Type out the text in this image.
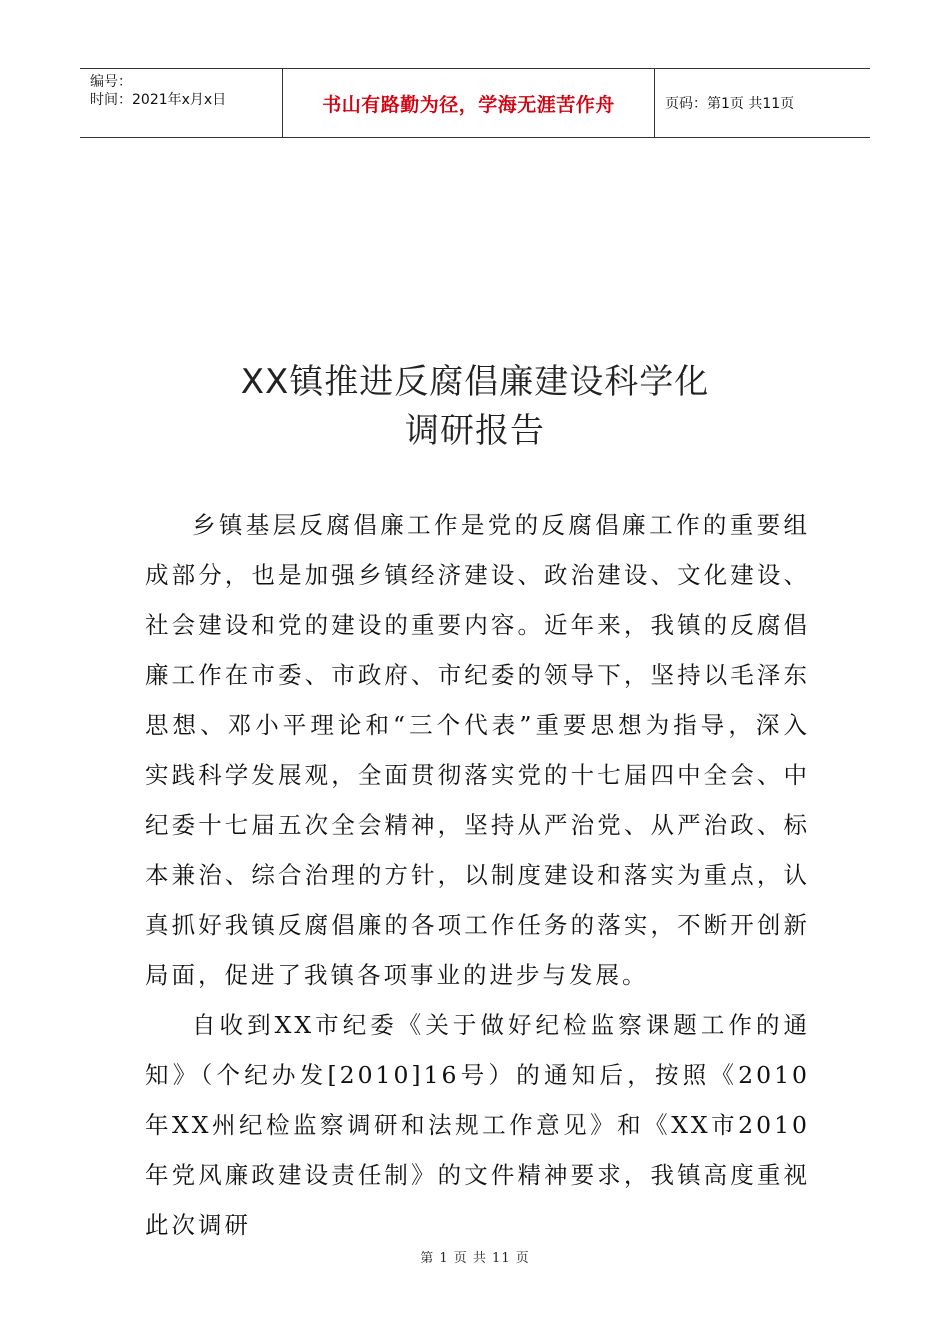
编号：
时间：2021年x月x日	书山有路勤为径，学海无涯苦作舟	页码：第1页 共11页
XX镇推进反腐倡廉建设科学化
调研报告

乡镇基层反腐倡廉工作是党的反腐倡廉工作的重要组成部分，也是加强乡镇经济建设、政治建设、文化建设、社会建设和党的建设的重要内容。近年来，我镇的反腐倡廉工作在市委、市政府、市纪委的领导下，坚持以毛泽东思想、邓小平理论和“三个代表”重要思想为指导，深入实践科学发展观，全面贯彻落实党的十七届四中全会、中纪委十七届五次全会精神，坚持从严治党、从严治政、标本兼治、综合治理的方针，以制度建设和落实为重点，认真抓好我镇反腐倡廉的各项工作任务的落实，不断开创新局面，促进了我镇各项事业的进步与发展。

自收到XX市纪委《关于做好纪检监察课题工作的通知》（个纪办发[2010]16号）的通知后，按照《2010年XX州纪检监察调研和法规工作意见》和《XX市2010年党风廉政建设责任制》的文件精神要求，我镇高度重视此次调研

第 1 页 共 11 页
